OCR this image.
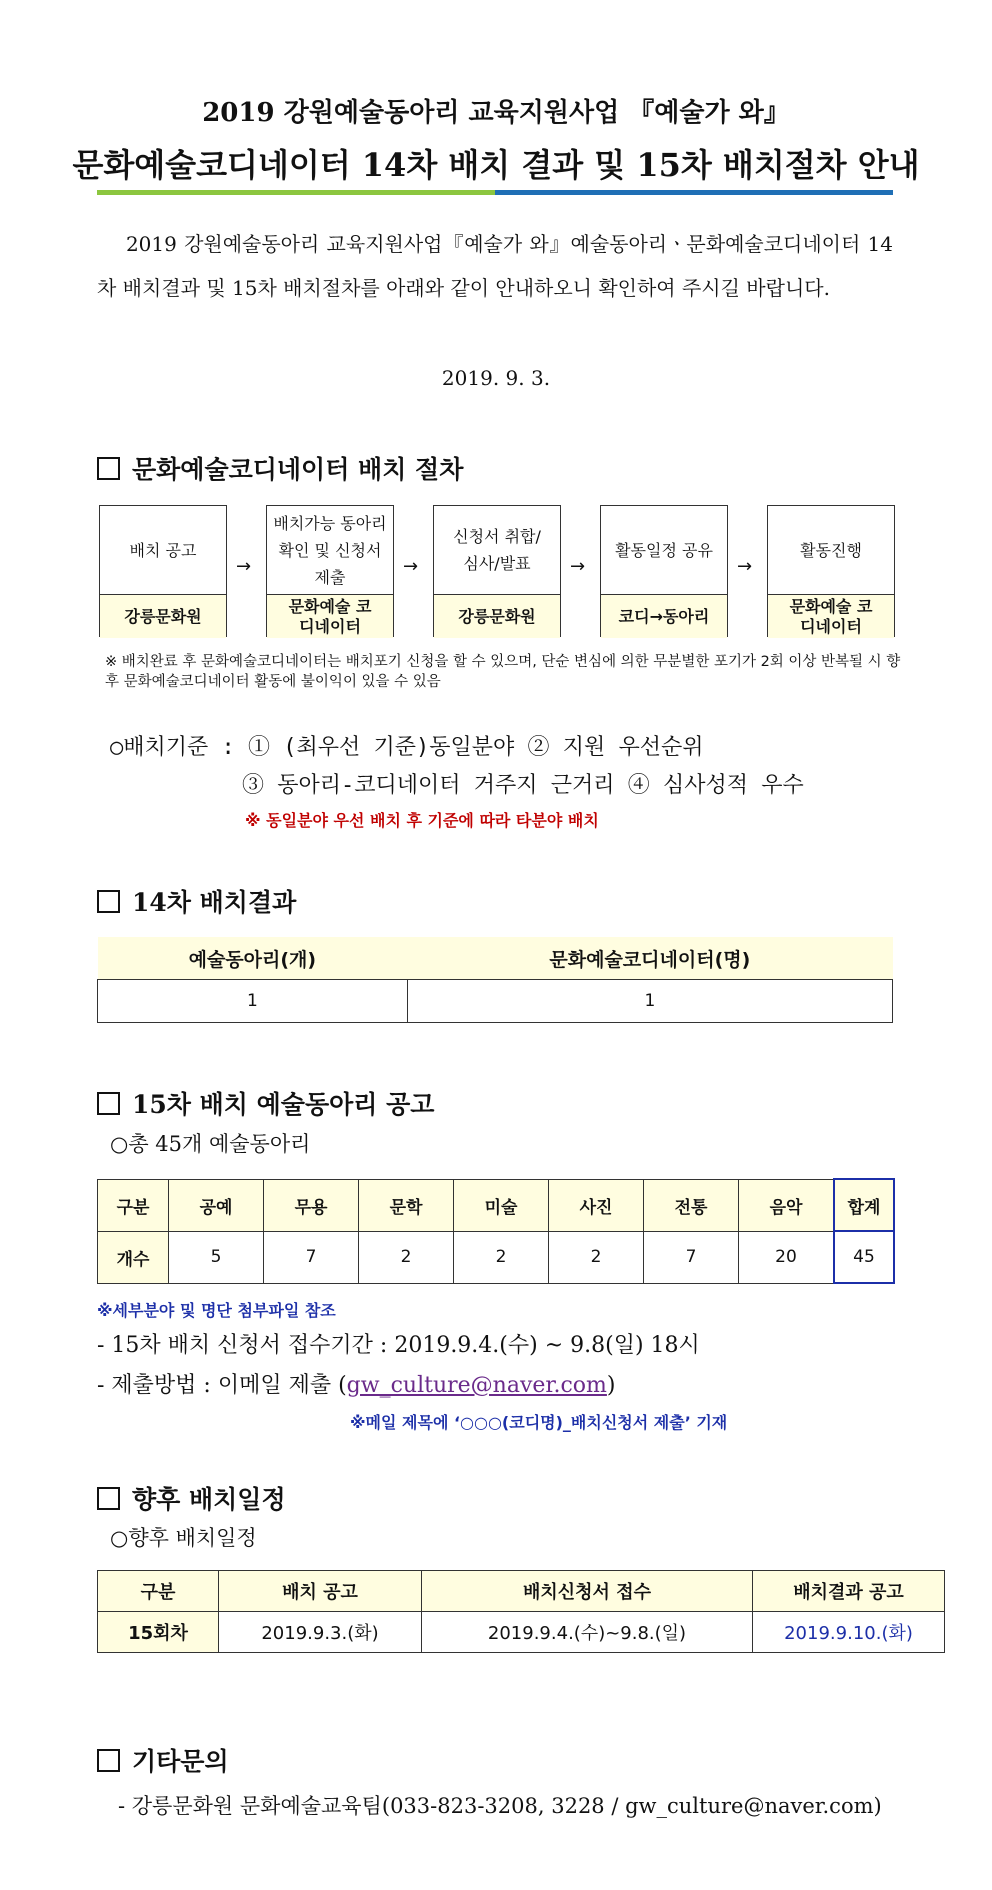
2019 강원예술동아리 교육지원사업 『예술가 와』
문화예술코디네이터 14차 배치 결과 및 15차 배치절차 안내
2019 강원예술동아리 교육지원사업『예술가 와』예술동아리ㆍ문화예술코디네이터 14차 배치결과 및 15차 배치절차를 아래와 같이 안내하오니 확인하여 주시길 바랍니다.
2019. 9. 3.
문화예술코디네이터 배치 절차
배치 공고
강릉문화원
→
배치가능 동아리 확인 및 신청서 제출
문화예술 코디네이터
→
신청서 취합/심사/발표
강릉문화원
→
활동일정 공유
코디→동아리
→
활동진행
문화예술 코디네이터
※ 배치완료 후 문화예술코디네이터는 배치포기 신청을 할 수 있으며, 단순 변심에 의한 무분별한 포기가 2회 이상 반복될 시 향후 문화예술코디네이터 활동에 불이익이 있을 수 있음
○배치기준 : ① (최우선 기준)동일분야 ② 지원 우선순위
③ 동아리-코디네이터 거주지 근거리 ④ 심사성적 우수
※ 동일분야 우선 배치 후 기준에 따라 타분야 배치
14차 배치결과
예술동아리(개)	문화예술코디네이터(명)
1	1
15차 배치 예술동아리 공고
○총 45개 예술동아리
구분	공예	무용	문학	미술	사진	전통	음악	합계
개수	5	7	2	2	2	7	20	45
※세부분야 및 명단 첨부파일 참조
- 15차 배치 신청서 접수기간 : 2019.9.4.(수) ~ 9.8(일) 18시
- 제출방법 : 이메일 제출 (gw_culture@naver.com)
※메일 제목에 ‘○○○(코디명)_배치신청서 제출’ 기재
향후 배치일정
○향후 배치일정
구분	배치 공고	배치신청서 접수	배치결과 공고
15회차	2019.9.3.(화)	2019.9.4.(수)~9.8.(일)	2019.9.10.(화)
기타문의
- 강릉문화원 문화예술교육팀(033-823-3208, 3228 / gw_culture@naver.com)
